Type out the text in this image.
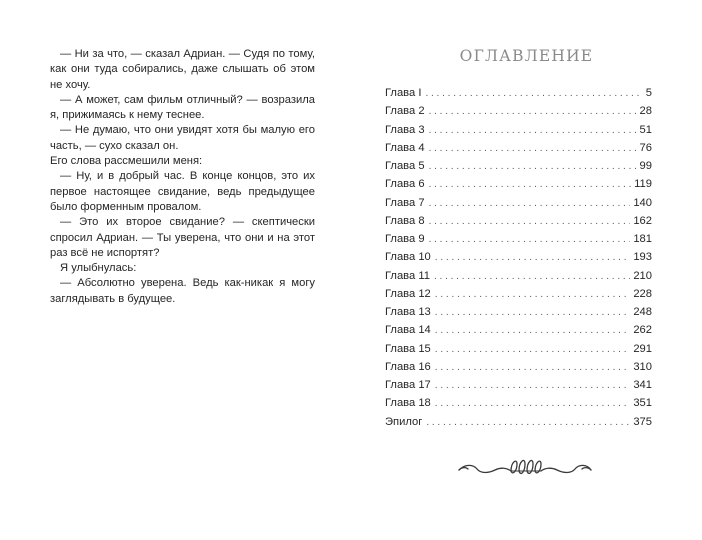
— Ни за что, — сказал Адриан. — Судя по тому, как они туда собирались, даже слышать об этом не хочу.

— А может, сам фильм отличный? — возразила я, прижимаясь к нему теснее.

— Не думаю, что они увидят хотя бы малую его часть, — сухо сказал он.

Его слова рассмешили меня:

— Ну, и в добрый час. В конце концов, это их первое настоящее свидание, ведь предыдущее было форменным провалом.

— Это их второе свидание? — скептически спросил Адриан. — Ты уверена, что они и на этот раз всё не испортят?

Я улыбнулась:

— Абсолютно уверена. Ведь как-никак я могу заглядывать в будущее.

ОГЛАВЛЕНИЕ
Глава I . . .	5
Глава 2 . . .	28
Глава 3 . . .	51
Глава 4 . . .	76
Глава 5 . . .	99
Глава 6 . . .	119
Глава 7 . . .	140
Глава 8 . . .	162
Глава 9 . . .	181
Глава 10 . . .	193
Глава 11 . . .	210
Глава 12 . . .	228
Глава 13 . . .	248
Глава 14 . . .	262
Глава 15 . . .	291
Глава 16 . . .	310
Глава 17 . . .	341
Глава 18 . . .	351
Эпилог . . .	375
